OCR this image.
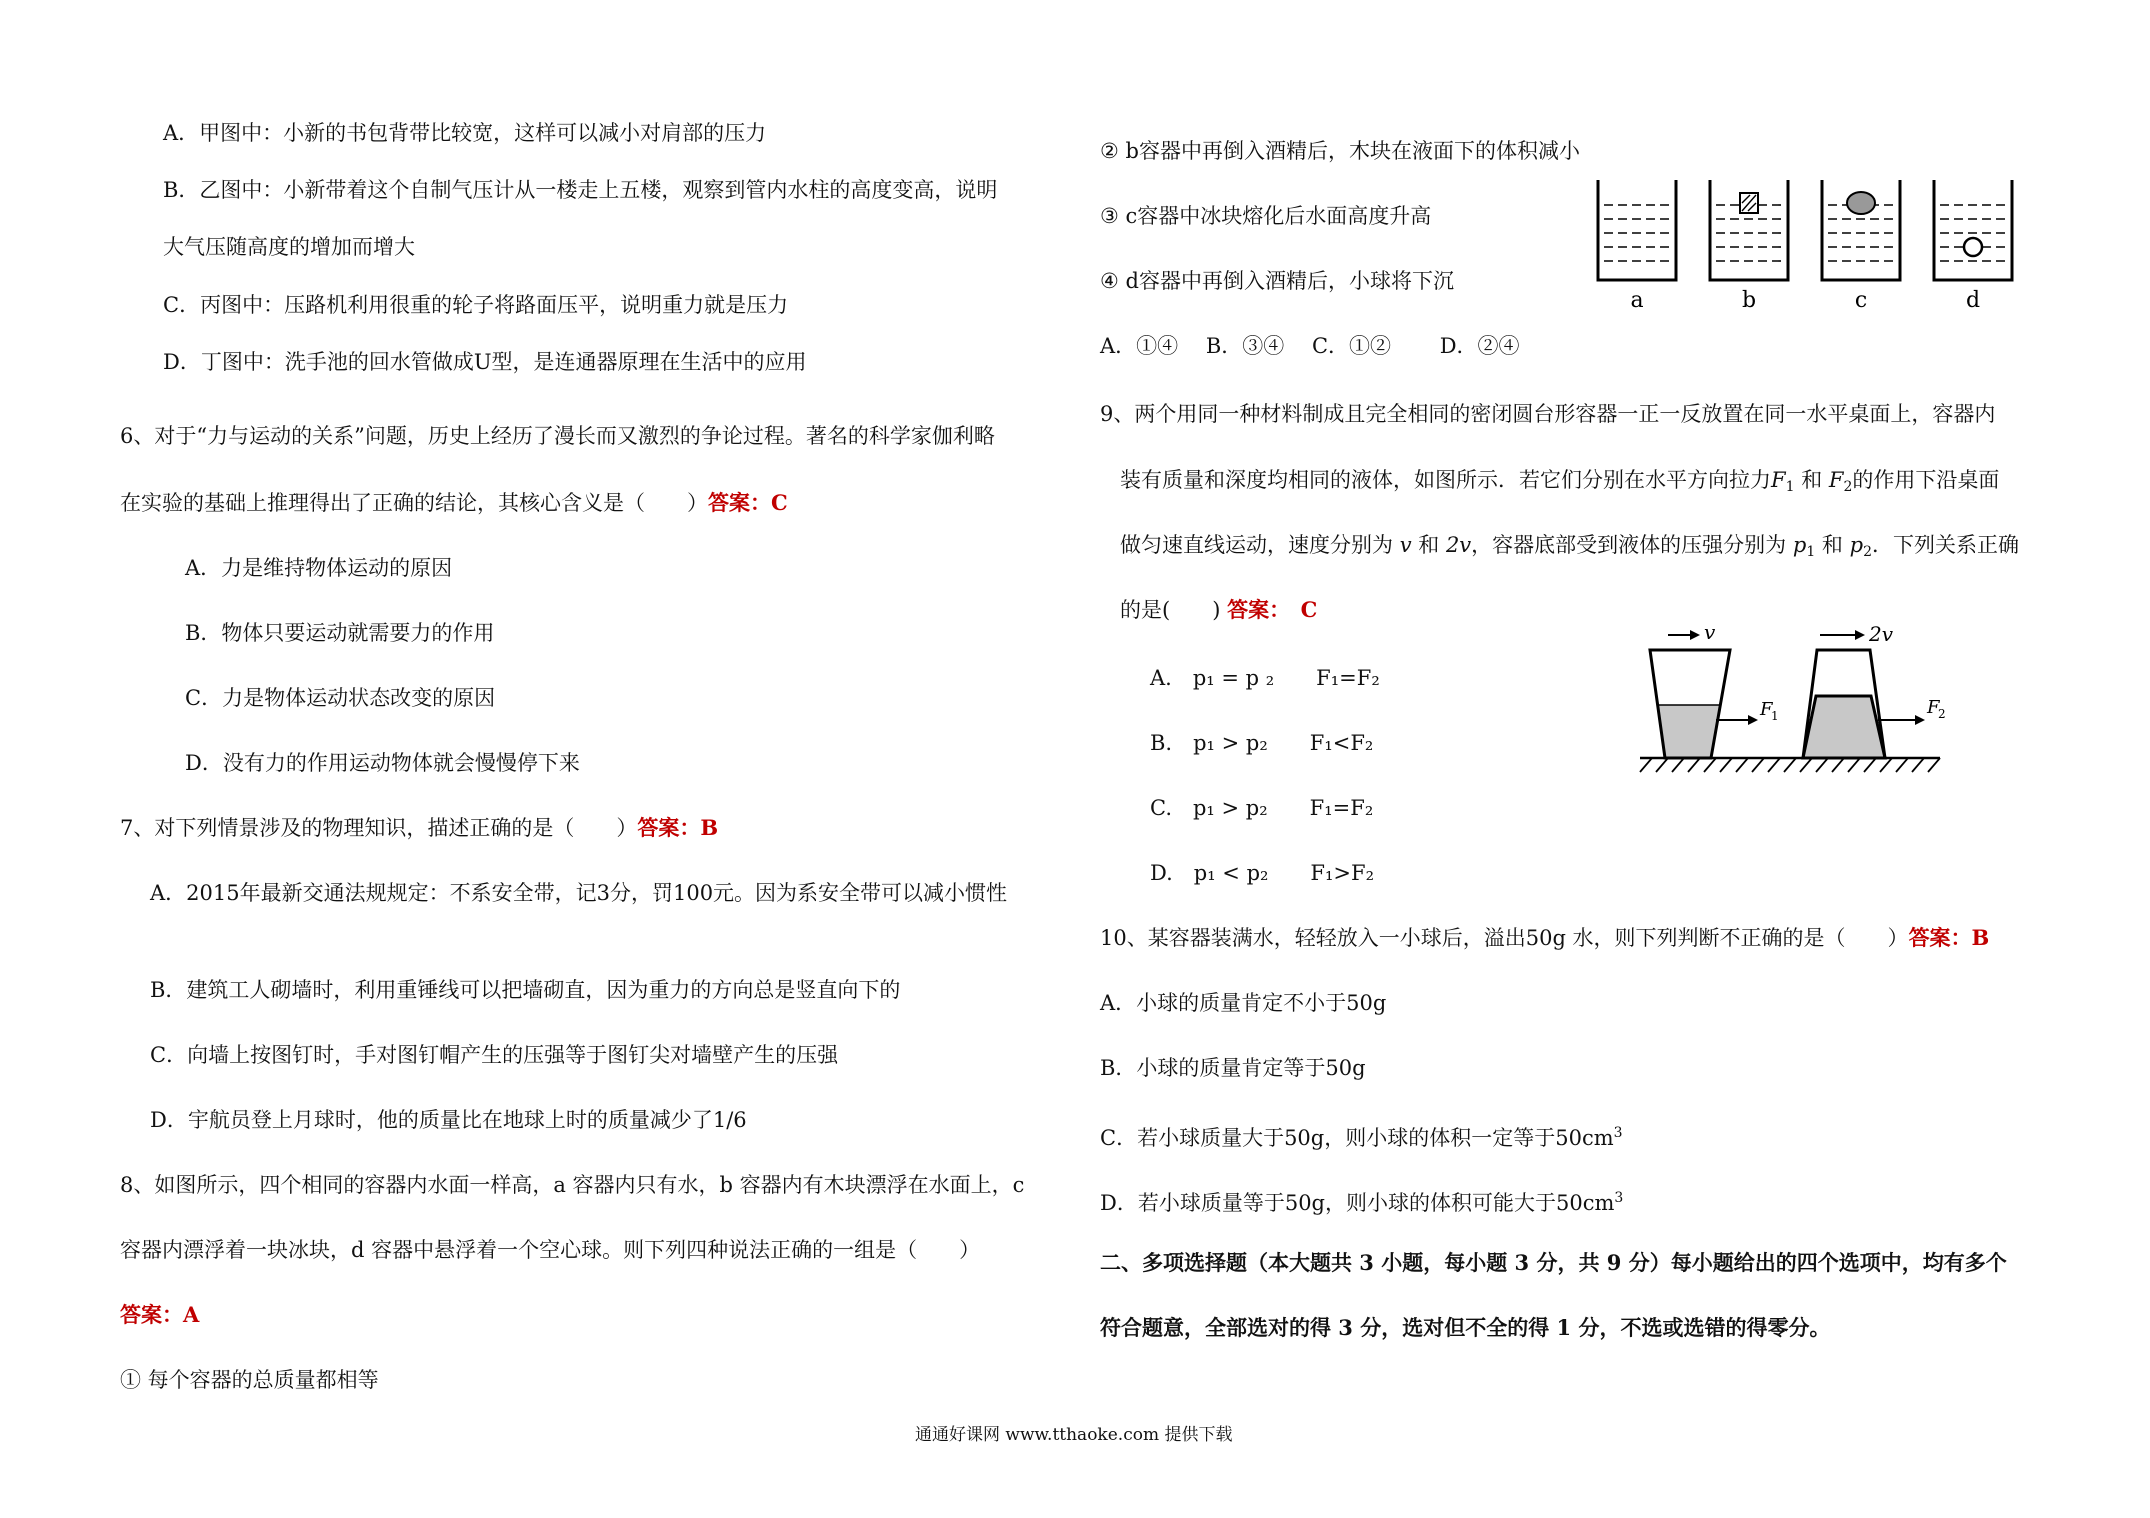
A．甲图中：小新的书包背带比较宽，这样可以减小对肩部的压力
B．乙图中：小新带着这个自制气压计从一楼走上五楼，观察到管内水柱的高度变高，说明
大气压随高度的增加而增大
C．丙图中：压路机利用很重的轮子将路面压平，说明重力就是压力
D．丁图中：洗手池的回水管做成U型，是连通器原理在生活中的应用
6、对于“力与运动的关系”问题，历史上经历了漫长而又激烈的争论过程。著名的科学家伽利略
在实验的基础上推理得出了正确的结论，其核心含义是（　　）答案：C
A．力是维持物体运动的原因
B．物体只要运动就需要力的作用
C．力是物体运动状态改变的原因
D．没有力的作用运动物体就会慢慢停下来
7、对下列情景涉及的物理知识，描述正确的是（　　）答案：B
A．2015年最新交通法规规定：不系安全带，记3分，罚100元。因为系安全带可以减小惯性
B．建筑工人砌墙时，利用重锤线可以把墙砌直，因为重力的方向总是竖直向下的
C．向墙上按图钉时，手对图钉帽产生的压强等于图钉尖对墙壁产生的压强
D．宇航员登上月球时，他的质量比在地球上时的质量减少了1/6
8、如图所示，四个相同的容器内水面一样高，a 容器内只有水，b 容器内有木块漂浮在水面上，c
容器内漂浮着一块冰块，d 容器中悬浮着一个空心球。则下列四种说法正确的一组是（　　）
答案：A
① 每个容器的总质量都相等
② b容器中再倒入酒精后，木块在液面下的体积减小
③ c容器中冰块熔化后水面高度升高
④ d容器中再倒入酒精后，小球将下沉
A．①④　 B．③④　 C．①②　　 D．②④
a	b	c	d
9、两个用同一种材料制成且完全相同的密闭圆台形容器一正一反放置在同一水平桌面上，容器内
装有质量和深度均相同的液体，如图所示．若它们分别在水平方向拉力$F_1$ 和 $F_2$的作用下沿桌面
做匀速直线运动，速度分别为 v 和 2v，容器底部受到液体的压强分别为 $p_1$ 和 $p_2$．下列关系正确
的是(　　) 答案：　C
A.　p₁ = p ₂　　F₁=F₂
B.　p₁ > p₂　　F₁<F₂
C.　p₁ > p₂　　F₁=F₂
D.　p₁ < p₂　　F₁>F₂
v	2v
F
1	F
2
10、某容器装满水，轻轻放入一小球后，溢出50g 水，则下列判断不正确的是（　　）答案：B
A．小球的质量肯定不小于50g
B．小球的质量肯定等于50g
C．若小球质量大于50g，则小球的体积一定等于$50cm^3$
D．若小球质量等于50g，则小球的体积可能大于$50cm^3$
二、多项选择题（本大题共 3 小题，每小题 3 分，共 9 分）每小题给出的四个选项中，均有多个
符合题意，全部选对的得 3 分，选对但不全的得 1 分，不选或选错的得零分。
通通好课网 www.tthaoke.com 提供下载
